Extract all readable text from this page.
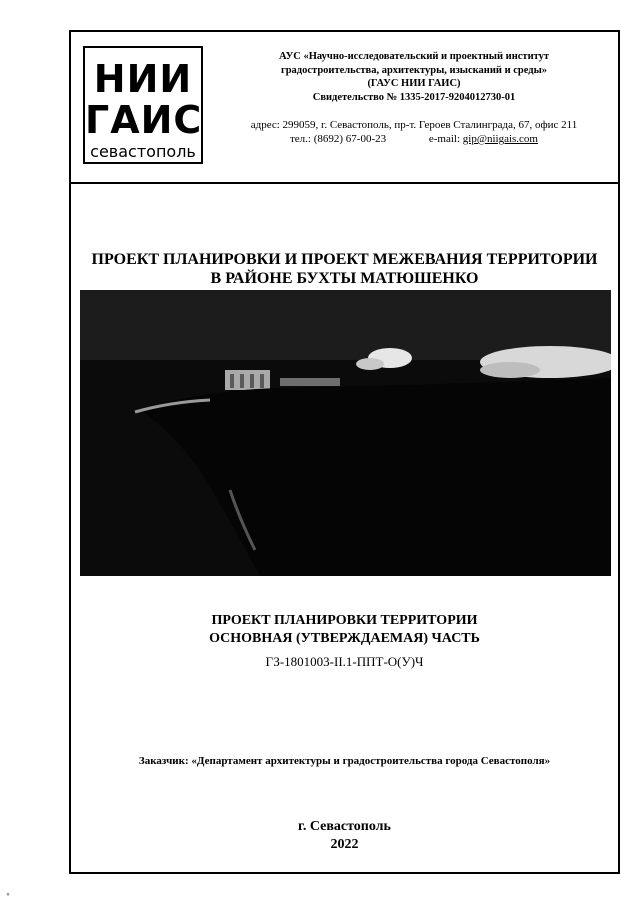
НИИ
ГАИС
севастополь
АУС «Научно-исследовательский и проектный институт
градостроительства, архитектуры, изысканий и среды»
(ГАУС НИИ ГАИС)
Свидетельство № 1335-2017-9204012730-01
адрес: 299059, г. Севастополь, пр-т. Героев Сталинграда, 67, офис 211
тел.: (8692) 67-00-23	e-mail: gip@niigais.com
ПРОЕКТ ПЛАНИРОВКИ И ПРОЕКТ МЕЖЕВАНИЯ ТЕРРИТОРИИ
В РАЙОНЕ БУХТЫ МАТЮШЕНКО
ПРОЕКТ ПЛАНИРОВКИ ТЕРРИТОРИИ
ОСНОВНАЯ (УТВЕРЖДАЕМАЯ) ЧАСТЬ
ГЗ-1801003-II.1-ППТ-О(У)Ч
Заказчик: «Департамент архитектуры и градостроительства города Севастополя»
г. Севастополь
2022
°
